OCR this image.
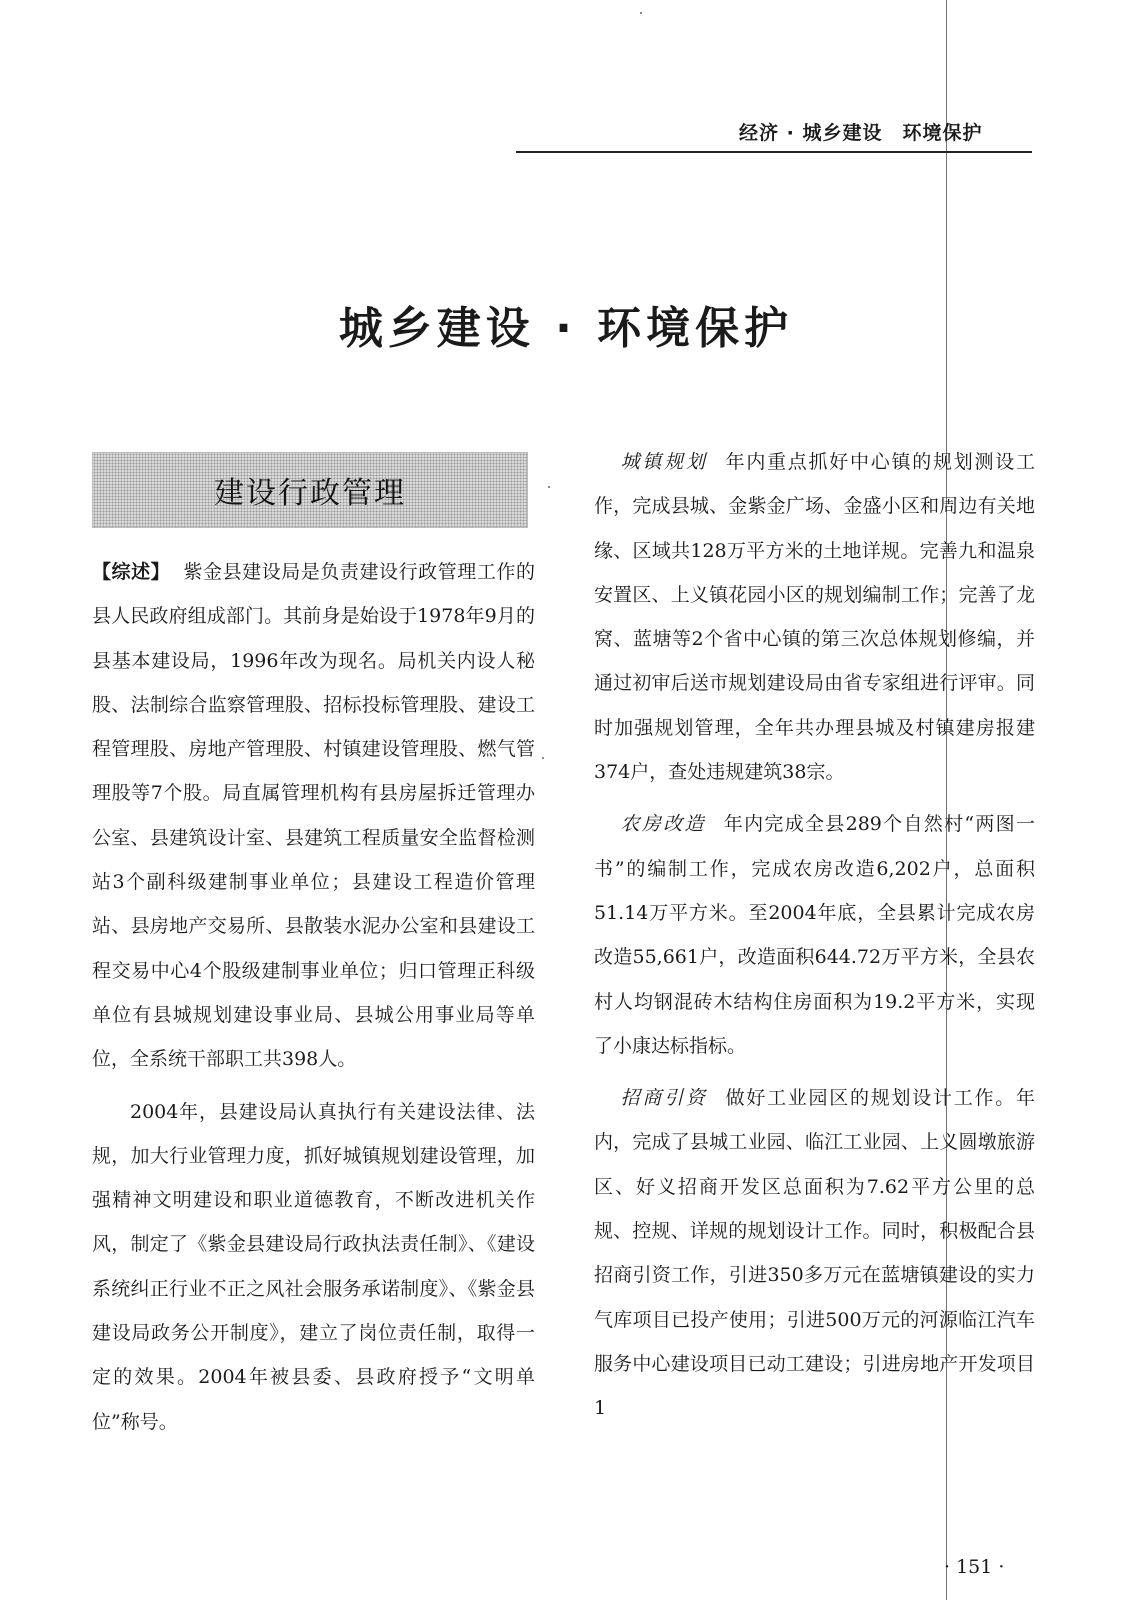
经济 · 城乡建设　环境保护
城乡建设 · 环境保护
建设行政管理

【综述】 紫金县建设局是负责建设行政管理工作的县人民政府组成部门。其前身是始设于1978年9月的县基本建设局，1996年改为现名。局机关内设人秘股、法制综合监察管理股、招标投标管理股、建设工程管理股、房地产管理股、村镇建设管理股、燃气管理股等7个股。局直属管理机构有县房屋拆迁管理办公室、县建筑设计室、县建筑工程质量安全监督检测站3个副科级建制事业单位；县建设工程造价管理站、县房地产交易所、县散装水泥办公室和县建设工程交易中心4个股级建制事业单位；归口管理正科级单位有县城规划建设事业局、县城公用事业局等单位，全系统干部职工共398人。

2004年，县建设局认真执行有关建设法律、法规，加大行业管理力度，抓好城镇规划建设管理，加强精神文明建设和职业道德教育，不断改进机关作风，制定了《紫金县建设局行政执法责任制》、《建设系统纠正行业不正之风社会服务承诺制度》、《紫金县建设局政务公开制度》，建立了岗位责任制，取得一定的效果。2004年被县委、县政府授予“文明单位”称号。

城镇规划 年内重点抓好中心镇的规划测设工作，完成县城、金紫金广场、金盛小区和周边有关地缘、区域共128万平方米的土地详规。完善九和温泉安置区、上义镇花园小区的规划编制工作；完善了龙窝、蓝塘等2个省中心镇的第三次总体规划修编，并通过初审后送市规划建设局由省专家组进行评审。同时加强规划管理，全年共办理县城及村镇建房报建374户，查处违规建筑38宗。

农房改造 年内完成全县289个自然村“两图一书”的编制工作，完成农房改造6,202户，总面积51.14万平方米。至2004年底，全县累计完成农房改造55,661户，改造面积644.72万平方米，全县农村人均钢混砖木结构住房面积为19.2平方米，实现了小康达标指标。

招商引资 做好工业园区的规划设计工作。年内，完成了县城工业园、临江工业园、上义圆墩旅游区、好义招商开发区总面积为7.62平方公里的总规、控规、详规的规划设计工作。同时，积极配合县招商引资工作，引进350多万元在蓝塘镇建设的实力气库项目已投产使用；引进500万元的河源临江汽车服务中心建设项目已动工建设；引进房地产开发项目1

· 151 ·
